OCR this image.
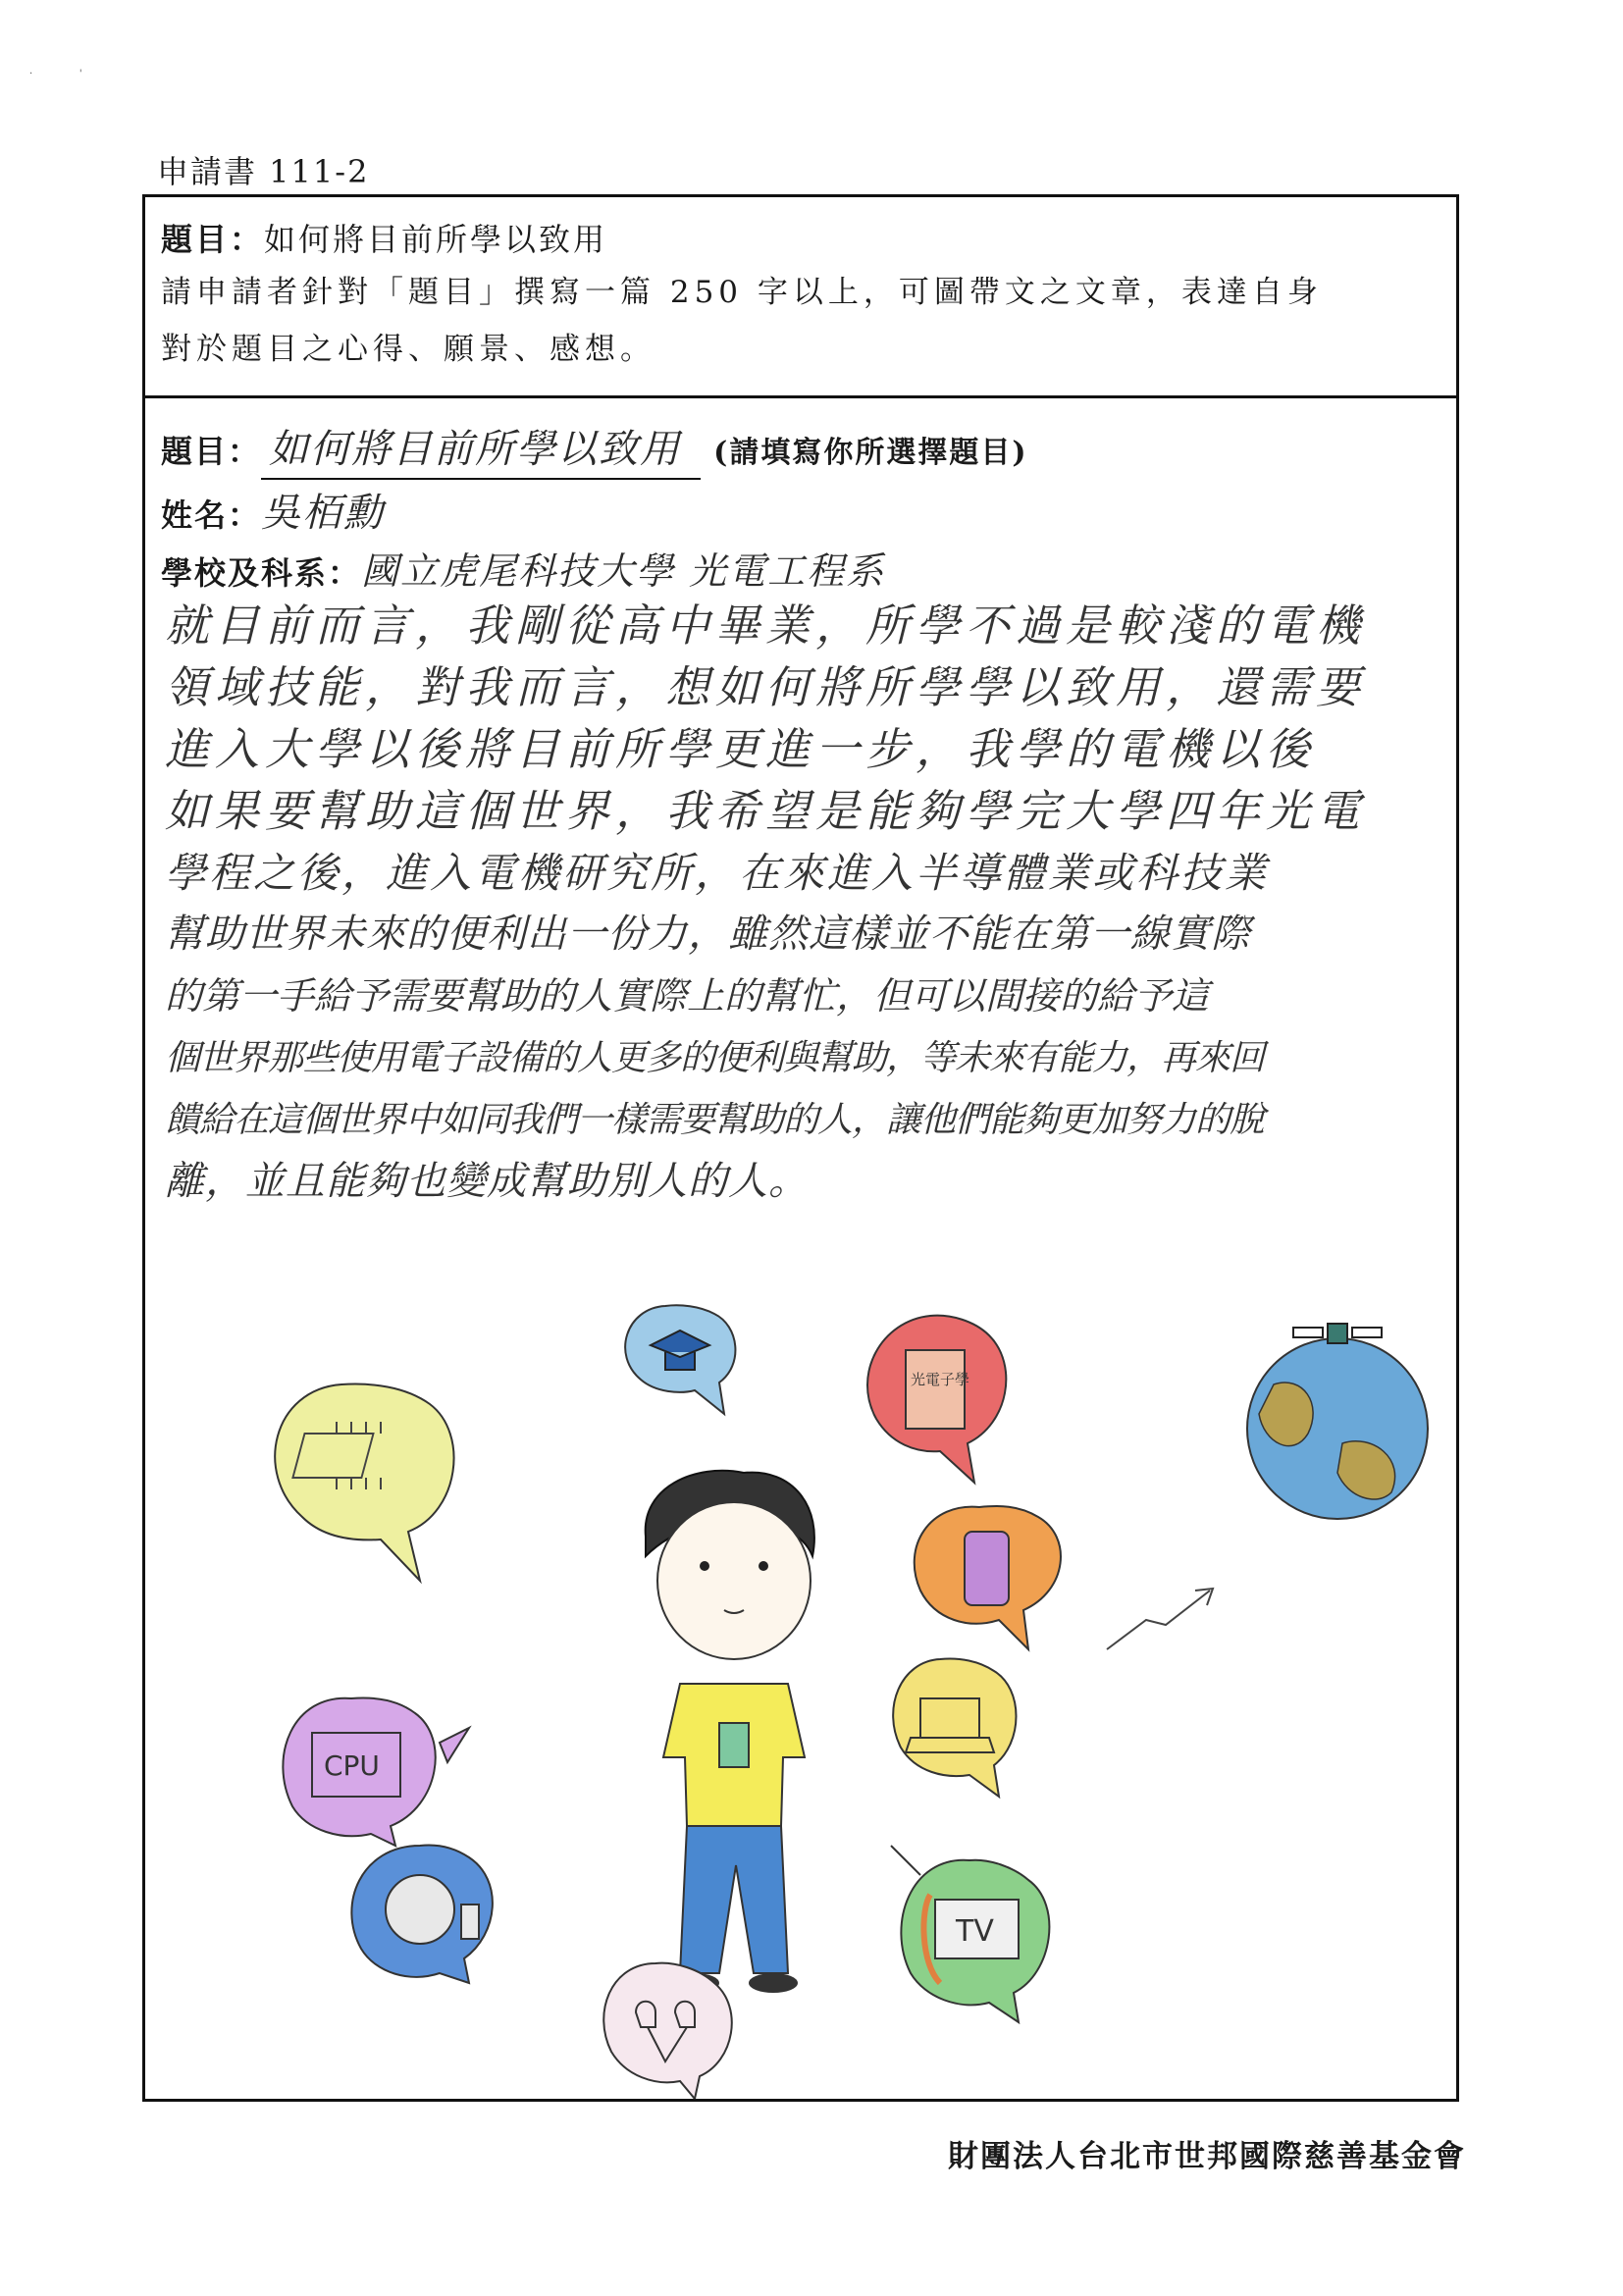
·               '
申請書 111-2
題目：如何將目前所學以致用
請申請者針對「題目」撰寫一篇 250 字以上，可圖帶文之文章，表達自身
對於題目之心得、願景、感想。
題目： 如何將目前所學以致用 (請填寫你所選擇題目)
姓名：吳栢勳
學校及科系：國立虎尾科技大學 光電工程系

就目前而言，我剛從高中畢業，所學不過是較淺的電機

領域技能，對我而言，想如何將所學學以致用，還需要

進入大學以後將目前所學更進一步，我學的電機以後

如果要幫助這個世界，我希望是能夠學完大學四年光電

學程之後，進入電機研究所，在來進入半導體業或科技業

幫助世界未來的便利出一份力，雖然這樣並不能在第一線實際

的第一手給予需要幫助的人實際上的幫忙，但可以間接的給予這

個世界那些使用電子設備的人更多的便利與幫助，等未來有能力，再來回

饋給在這個世界中如同我們一樣需要幫助的人，讓他們能夠更加努力的脫

離，並且能夠也變成幫助別人的人。

光電子學
CPU
TV
財團法人台北市世邦國際慈善基金會
